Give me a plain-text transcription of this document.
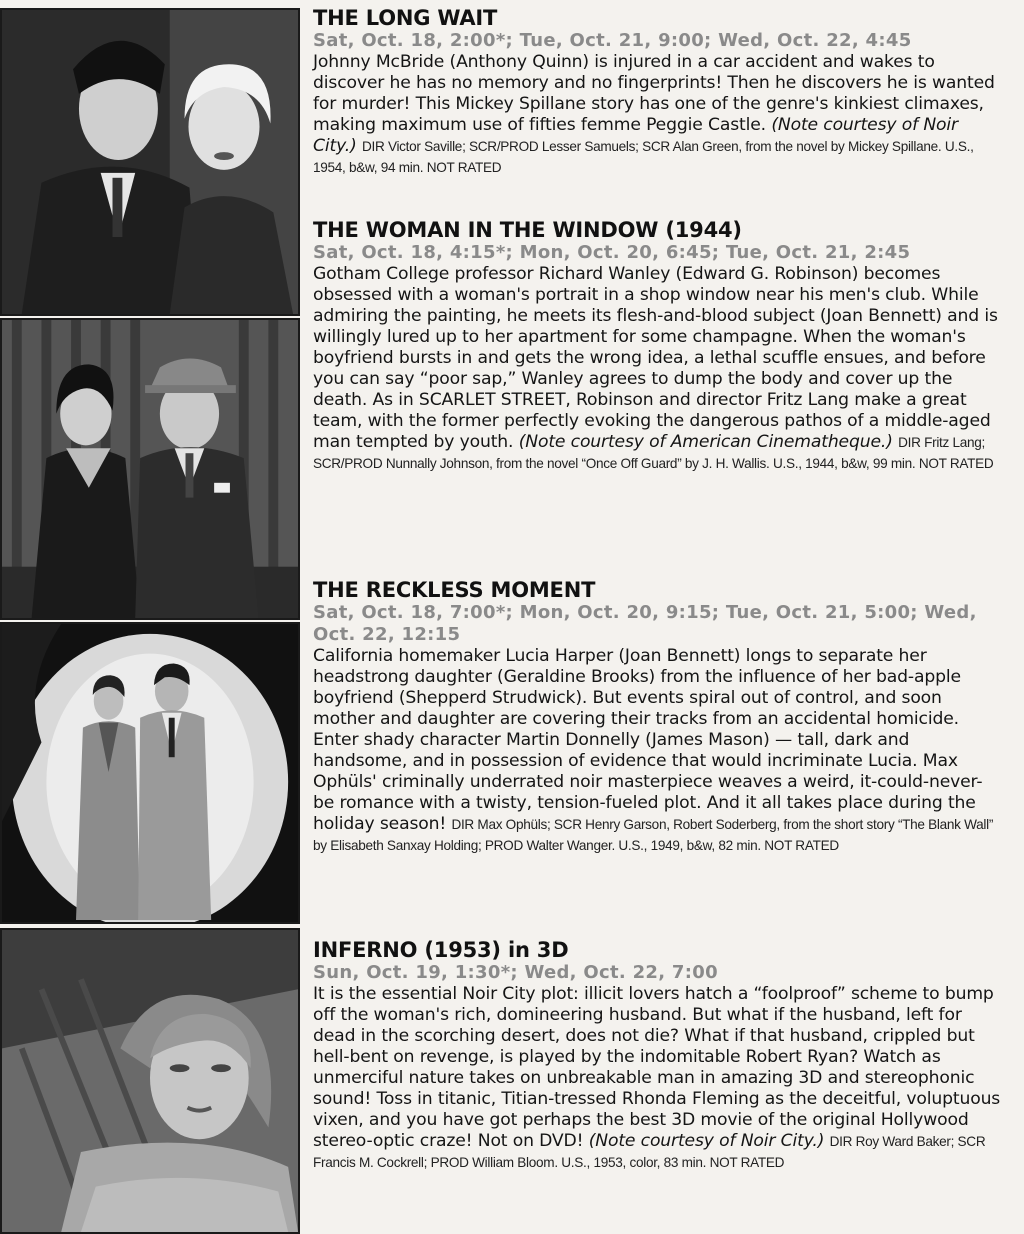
THE LONG WAIT

Sat, Oct. 18, 2:00*; Tue, Oct. 21, 9:00; Wed, Oct. 22, 4:45

Johnny McBride (Anthony Quinn) is injured in a car accident and wakes to discover he has no memory and no fingerprints! Then he discovers he is wanted for murder! This Mickey Spillane story has one of the genre's kinkiest climaxes, making maximum use of fifties femme Peggie Castle. (Note courtesy of Noir City.) DIR Victor Saville; SCR/PROD Lesser Samuels; SCR Alan Green, from the novel by Mickey Spillane. U.S., 1954, b&w, 94 min. NOT RATED

THE WOMAN IN THE WINDOW (1944)

Sat, Oct. 18, 4:15*; Mon, Oct. 20, 6:45; Tue, Oct. 21, 2:45

Gotham College professor Richard Wanley (Edward G. Robinson) becomes obsessed with a woman's portrait in a shop window near his men's club. While admiring the painting, he meets its flesh-and-blood subject (Joan Bennett) and is willingly lured up to her apartment for some champagne. When the woman's boyfriend bursts in and gets the wrong idea, a lethal scuffle ensues, and before you can say “poor sap,” Wanley agrees to dump the body and cover up the death. As in SCARLET STREET, Robinson and director Fritz Lang make a great team, with the former perfectly evoking the dangerous pathos of a middle-aged man tempted by youth. (Note courtesy of American Cinematheque.) DIR Fritz Lang; SCR/PROD Nunnally Johnson, from the novel “Once Off Guard” by J. H. Wallis. U.S., 1944, b&w, 99 min. NOT RATED

THE RECKLESS MOMENT

Sat, Oct. 18, 7:00*; Mon, Oct. 20, 9:15; Tue, Oct. 21, 5:00; Wed, Oct. 22, 12:15

California homemaker Lucia Harper (Joan Bennett) longs to separate her headstrong daughter (Geraldine Brooks) from the influence of her bad-apple boyfriend (Shepperd Strudwick). But events spiral out of control, and soon mother and daughter are covering their tracks from an accidental homicide. Enter shady character Martin Donnelly (James Mason) — tall, dark and handsome, and in possession of evidence that would incriminate Lucia. Max Ophüls' criminally underrated noir masterpiece weaves a weird, it-could-never-be romance with a twisty, tension-fueled plot. And it all takes place during the holiday season! DIR Max Ophüls; SCR Henry Garson, Robert Soderberg, from the short story “The Blank Wall” by Elisabeth Sanxay Holding; PROD Walter Wanger. U.S., 1949, b&w, 82 min. NOT RATED

INFERNO (1953) in 3D

Sun, Oct. 19, 1:30*; Wed, Oct. 22, 7:00

It is the essential Noir City plot: illicit lovers hatch a “foolproof” scheme to bump off the woman's rich, domineering husband. But what if the husband, left for dead in the scorching desert, does not die? What if that husband, crippled but hell-bent on revenge, is played by the indomitable Robert Ryan? Watch as unmerciful nature takes on unbreakable man in amazing 3D and stereophonic sound! Toss in titanic, Titian-tressed Rhonda Fleming as the deceitful, voluptuous vixen, and you have got perhaps the best 3D movie of the original Hollywood stereo-optic craze! Not on DVD! (Note courtesy of Noir City.) DIR Roy Ward Baker; SCR Francis M. Cockrell; PROD William Bloom. U.S., 1953, color, 83 min. NOT RATED
